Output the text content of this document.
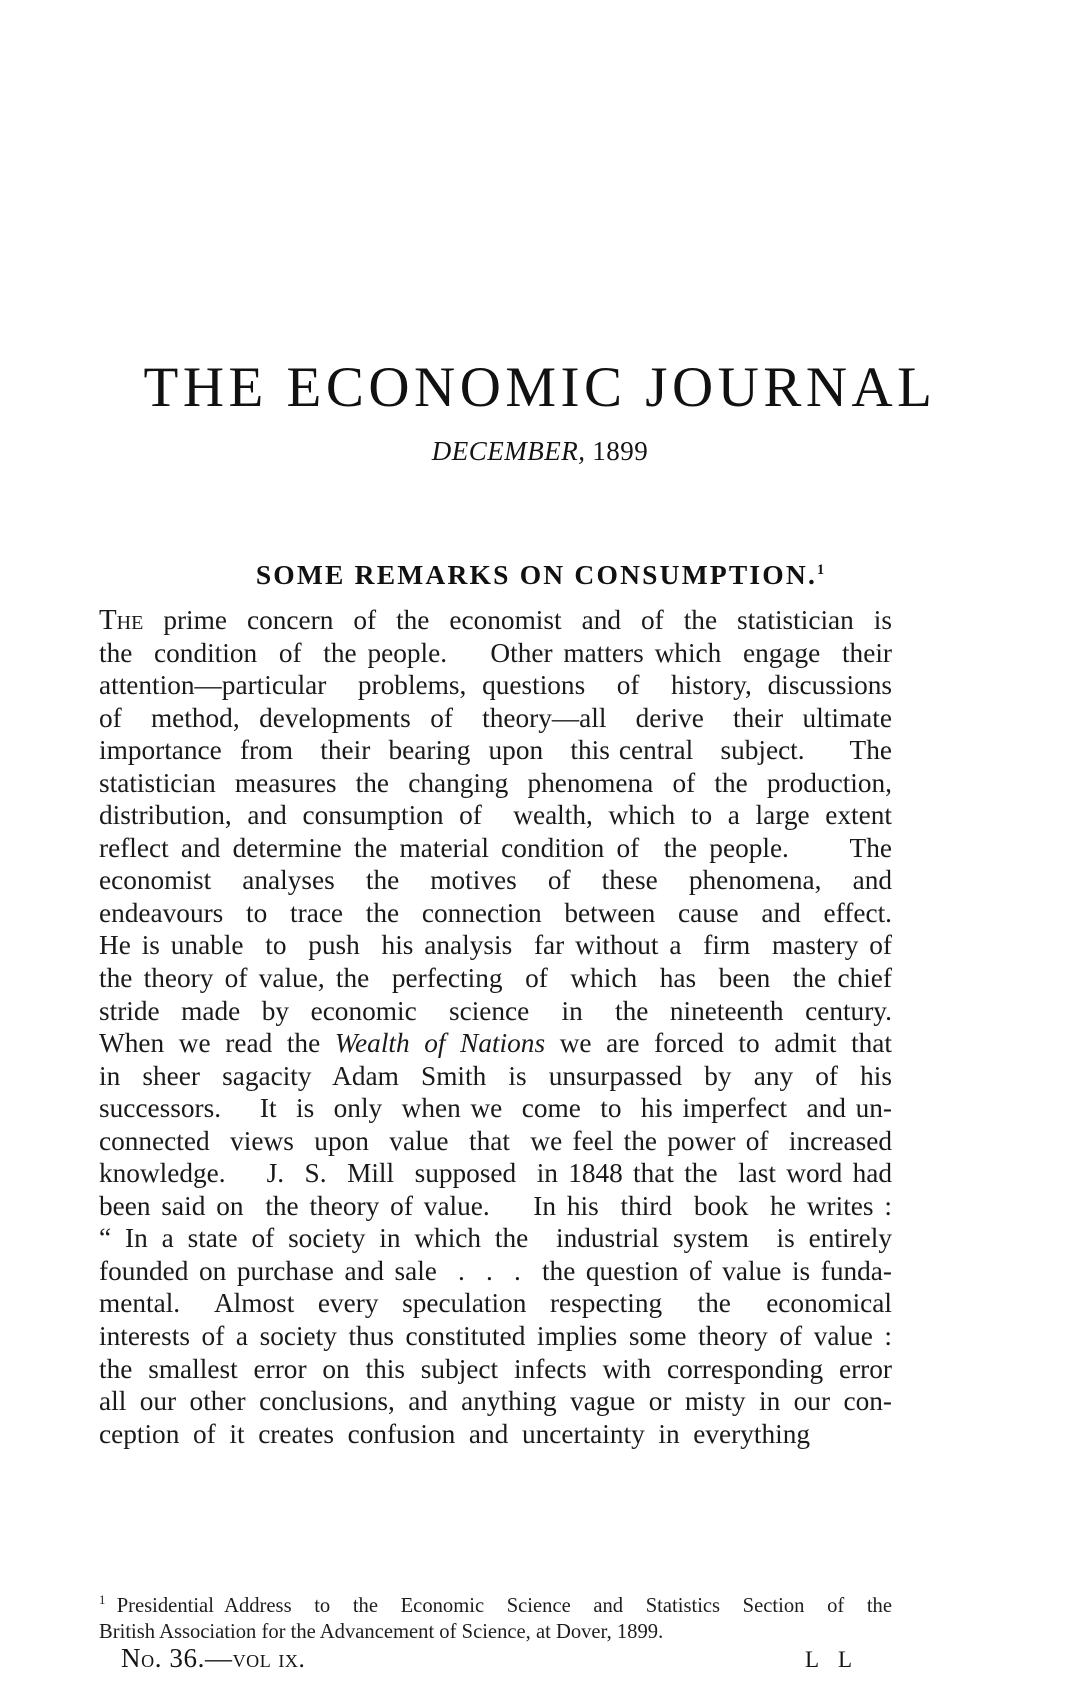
THE ECONOMIC JOURNAL
DECEMBER, 1899
SOME REMARKS ON CONSUMPTION.$^1$
The prime concern of the economist and of the statistician is
the  condition  of  the people.    Other matters which  engage  their
attention—particular  problems, questions  of  history, discussions
of   method,  developments  of   theory—all   derive   their  ultimate
importance  from   their  bearing  upon   this central   subject.     The
statistician measures the changing phenomena of the production,
distribution, and consumption of  wealth, which to a large extent
reflect and determine the material condition of  the people.     The
economist   analyses   the   motives   of   these   phenomena,   and
endeavours  to  trace  the  connection  between  cause  and  effect.
He is unable  to  push  his analysis  far without a  firm  mastery of
the theory of value, the  perfecting  of  which  has  been  the chief
stride  made  by  economic   science   in   the  nineteenth  century.
When we read the Wealth of Nations we are forced to admit that
in  sheer  sagacity  Adam  Smith  is  unsurpassed  by  any  of  his
successors.    It  is  only  when we  come  to  his imperfect  and un-
connected  views  upon  value  that  we feel the power of  increased
knowledge.    J.  S.  Mill  supposed  in 1848 that the  last word had
been said on  the theory of value.    In his  third  book  he writes :
“ In a state of society in which the  industrial system  is entirely
founded on purchase and sale  .  .  .  the question of value is funda-
mental.   Almost  every  speculation  respecting   the   economical
interests of a society thus constituted implies some theory of value :
the smallest error on this subject infects with corresponding error
all our other conclusions, and anything vague or misty in our con-
ception  of  it  creates  confusion  and  uncertainty  in  everything
$^1$ Presidential Address  to  the  Economic  Science  and  Statistics  Section  of  the
British Association for the Advancement of Science, at Dover, 1899.
No. 36.—vol ix.	L L
